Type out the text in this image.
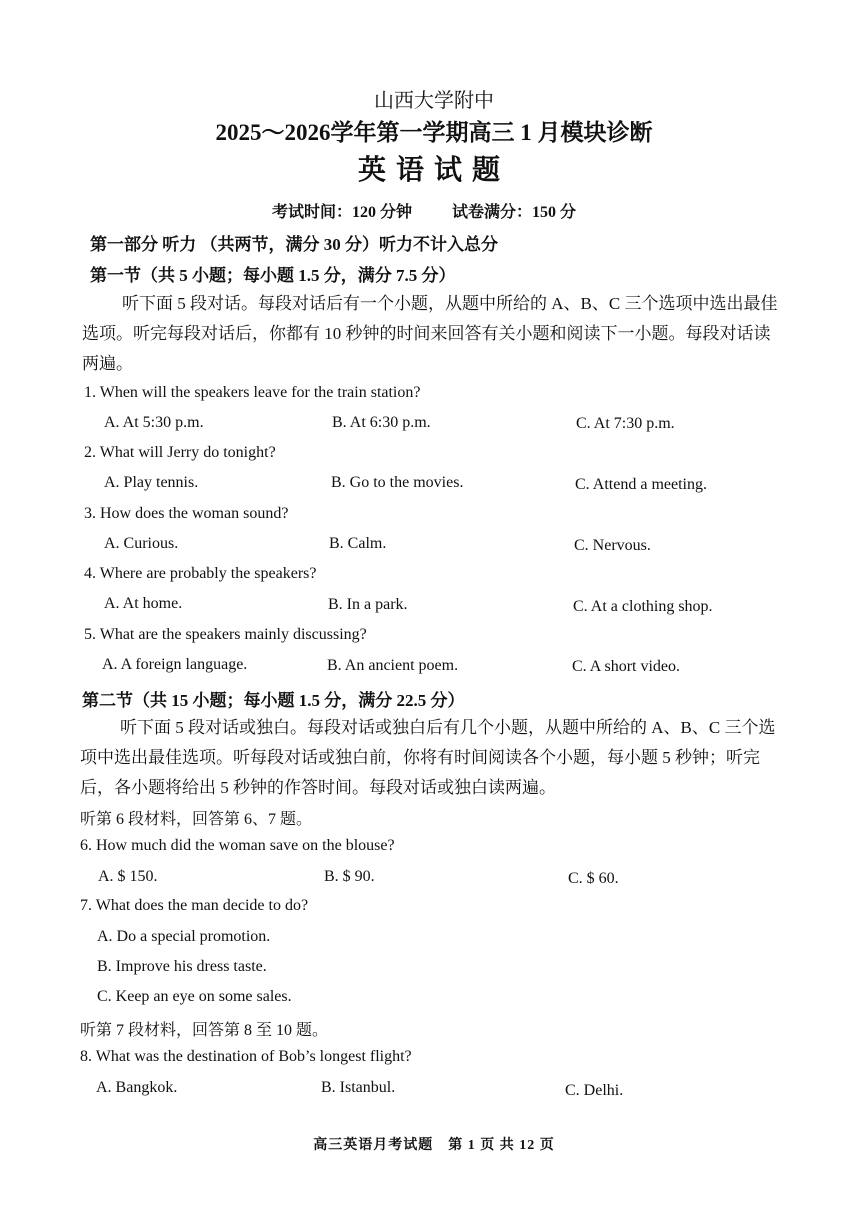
山西大学附中
2025～2026学年第一学期高三 1 月模块诊断
英语试题
考试时间：120 分钟	试卷满分：150 分
第一部分 听力 （共两节，满分 30 分）听力不计入总分
第一节（共 5 小题；每小题 1.5 分，满分 7.5 分）
听下面 5 段对话。每段对话后有一个小题，从题中所给的 A、B、C 三个选项中选出最佳选项。听完每段对话后，你都有 10 秒钟的时间来回答有关小题和阅读下一小题。每段对话读两遍。
1. When will the speakers leave for the train station?
A. At 5:30 p.m.	B. At 6:30 p.m.	C. At 7:30 p.m.
2. What will Jerry do tonight?
A. Play tennis.	B. Go to the movies.	C. Attend a meeting.
3. How does the woman sound?
A. Curious.	B. Calm.	C. Nervous.
4. Where are probably the speakers?
A. At home.	B. In a park.	C. At a clothing shop.
5. What are the speakers mainly discussing?
A. A foreign language.	B. An ancient poem.	C. A short video.
第二节（共 15 小题；每小题 1.5 分，满分 22.5 分）
听下面 5 段对话或独白。每段对话或独白后有几个小题，从题中所给的 A、B、C 三个选项中选出最佳选项。听每段对话或独白前，你将有时间阅读各个小题，每小题 5 秒钟；听完后，各小题将给出 5 秒钟的作答时间。每段对话或独白读两遍。
听第 6 段材料，回答第 6、7 题。
6. How much did the woman save on the blouse?
A. $ 150.	B. $ 90.	C. $ 60.
7. What does the man decide to do?
A. Do a special promotion.
B. Improve his dress taste.
C. Keep an eye on some sales.
听第 7 段材料，回答第 8 至 10 题。
8. What was the destination of Bob’s longest flight?
A. Bangkok.	B. Istanbul.	C. Delhi.
高三英语月考试题　第 1 页 共 12 页
